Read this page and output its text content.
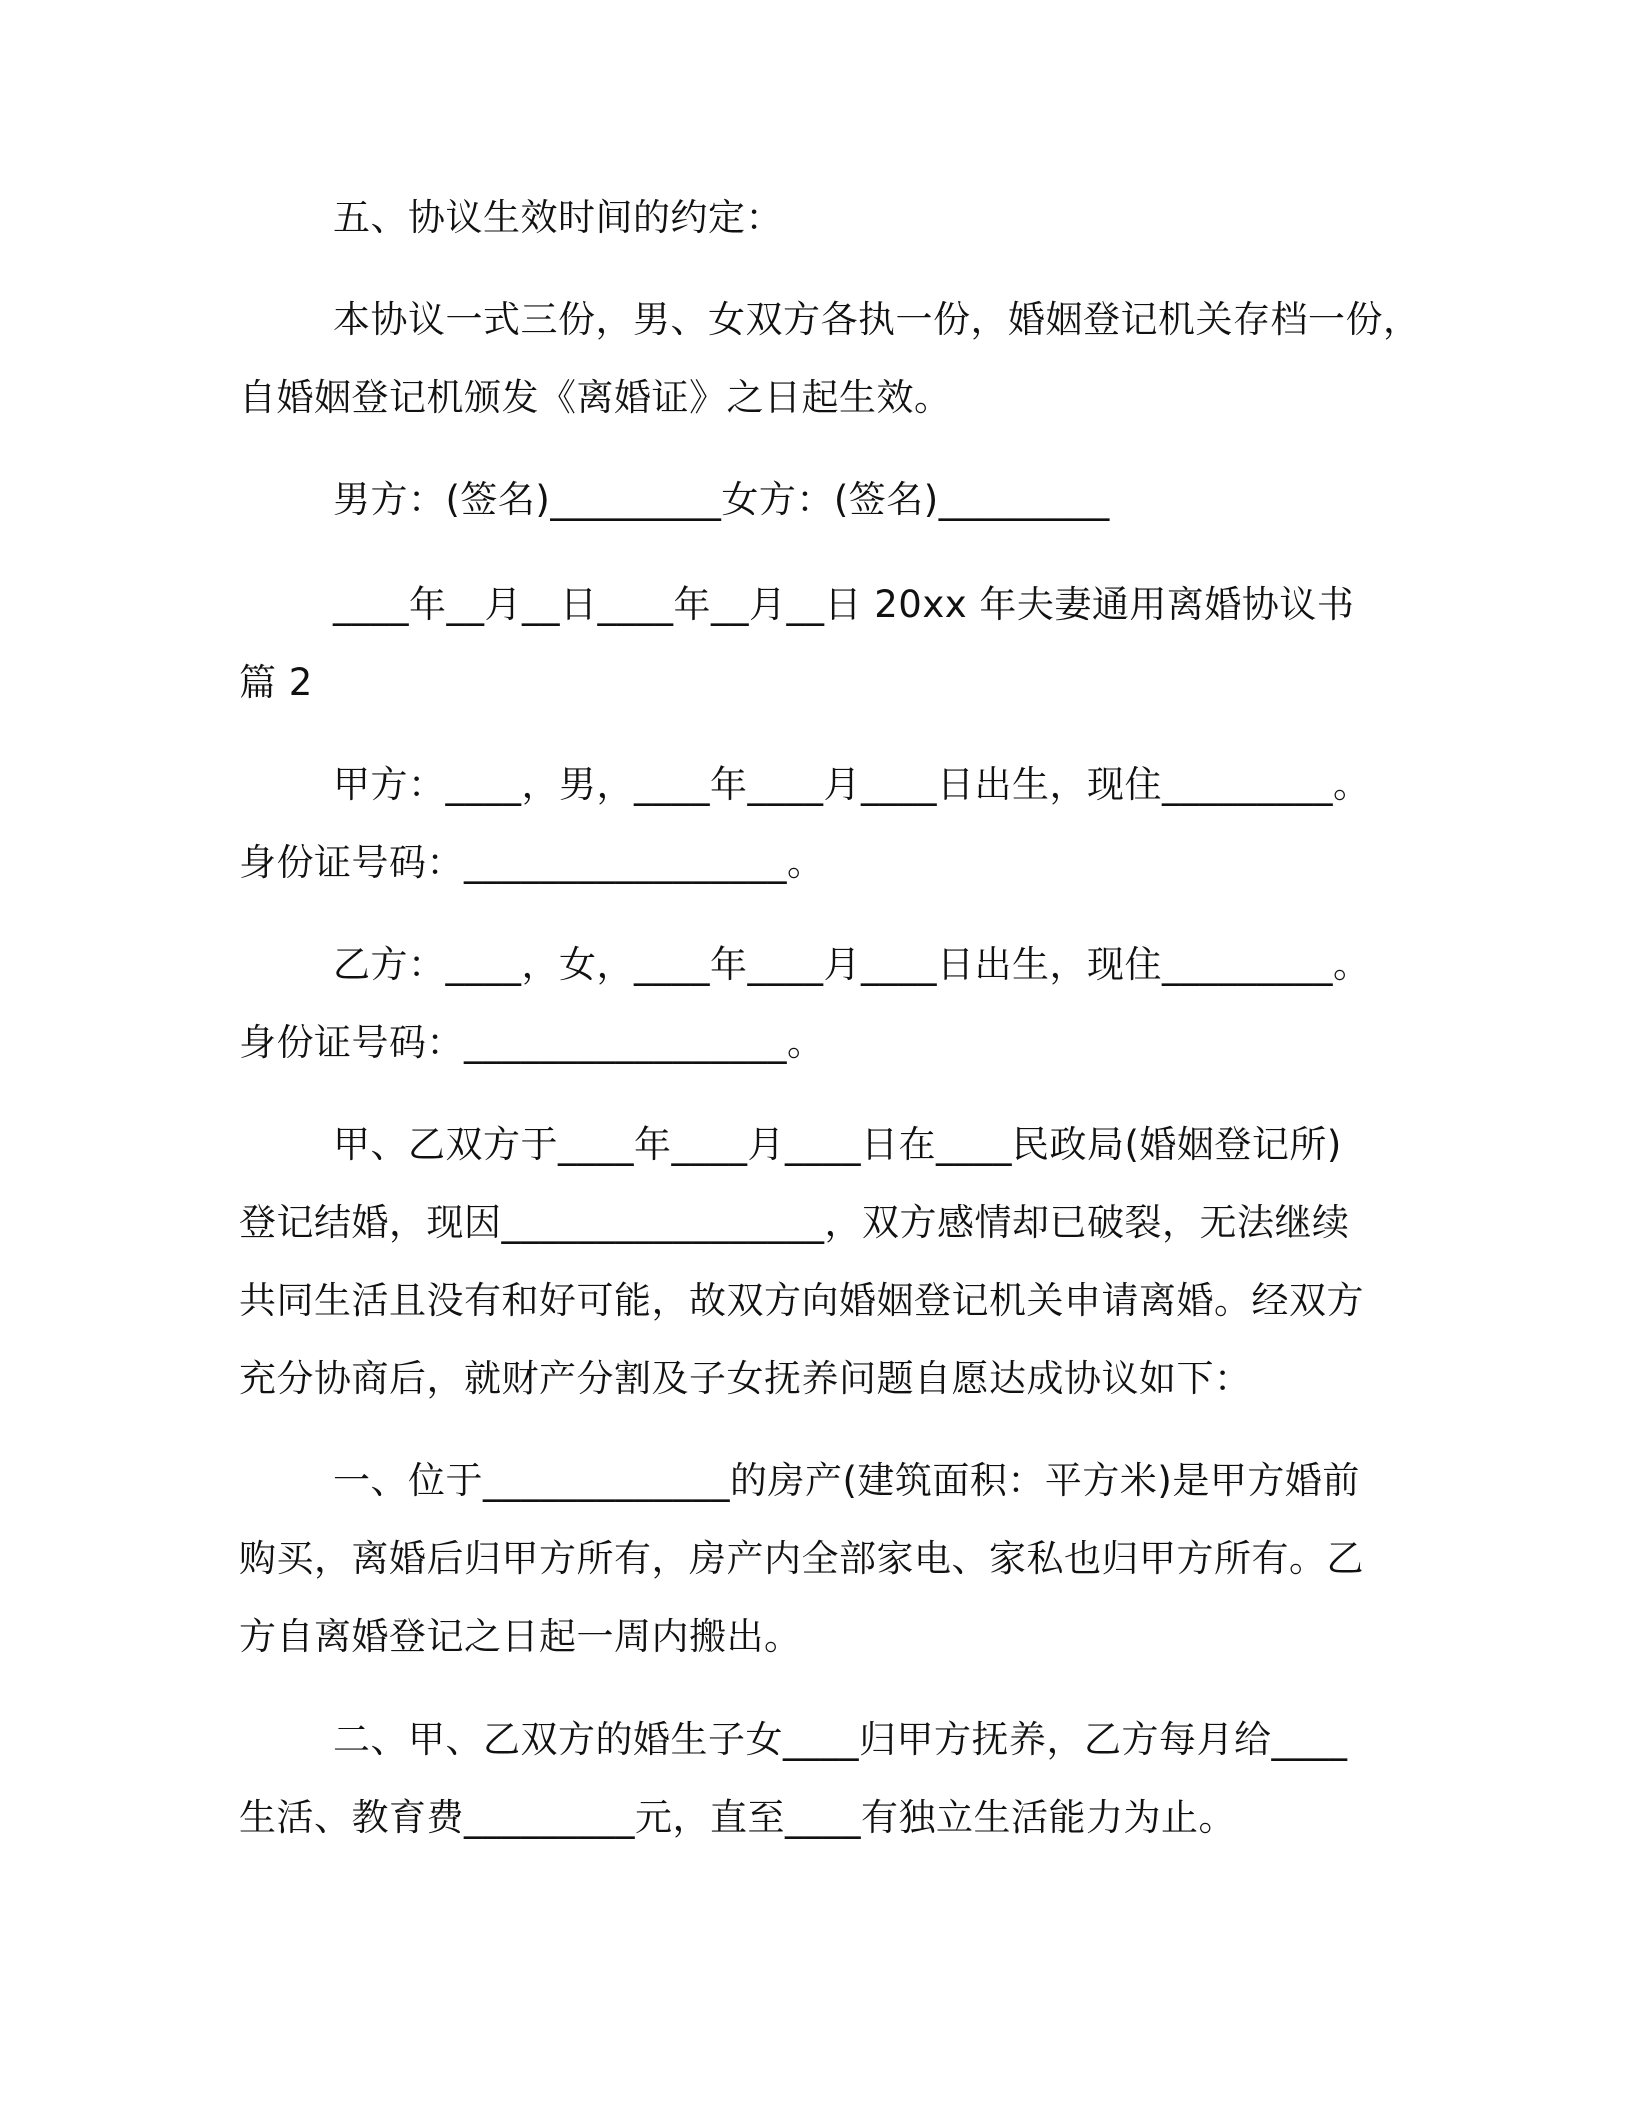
五、协议生效时间的约定：
本协议一式三份，男、女双方各执一份，婚姻登记机关存档一份，
自婚姻登记机颁发《离婚证》之日起生效。
男方：(签名)_________女方：(签名)_________
____年__月__日____年__月__日 20xx 年夫妻通用离婚协议书
篇 2
甲方：____，男，____年____月____日出生，现住_________。
身份证号码：_________________。
乙方：____，女，____年____月____日出生，现住_________。
身份证号码：_________________。
甲、乙双方于____年____月____日在____民政局(婚姻登记所)
登记结婚，现因_________________，双方感情却已破裂，无法继续
共同生活且没有和好可能，故双方向婚姻登记机关申请离婚。经双方
充分协商后，就财产分割及子女抚养问题自愿达成协议如下：
一、位于_____________的房产(建筑面积：平方米)是甲方婚前
购买，离婚后归甲方所有，房产内全部家电、家私也归甲方所有。乙
方自离婚登记之日起一周内搬出。
二、甲、乙双方的婚生子女____归甲方抚养，乙方每月给____
生活、教育费_________元，直至____有独立生活能力为止。
